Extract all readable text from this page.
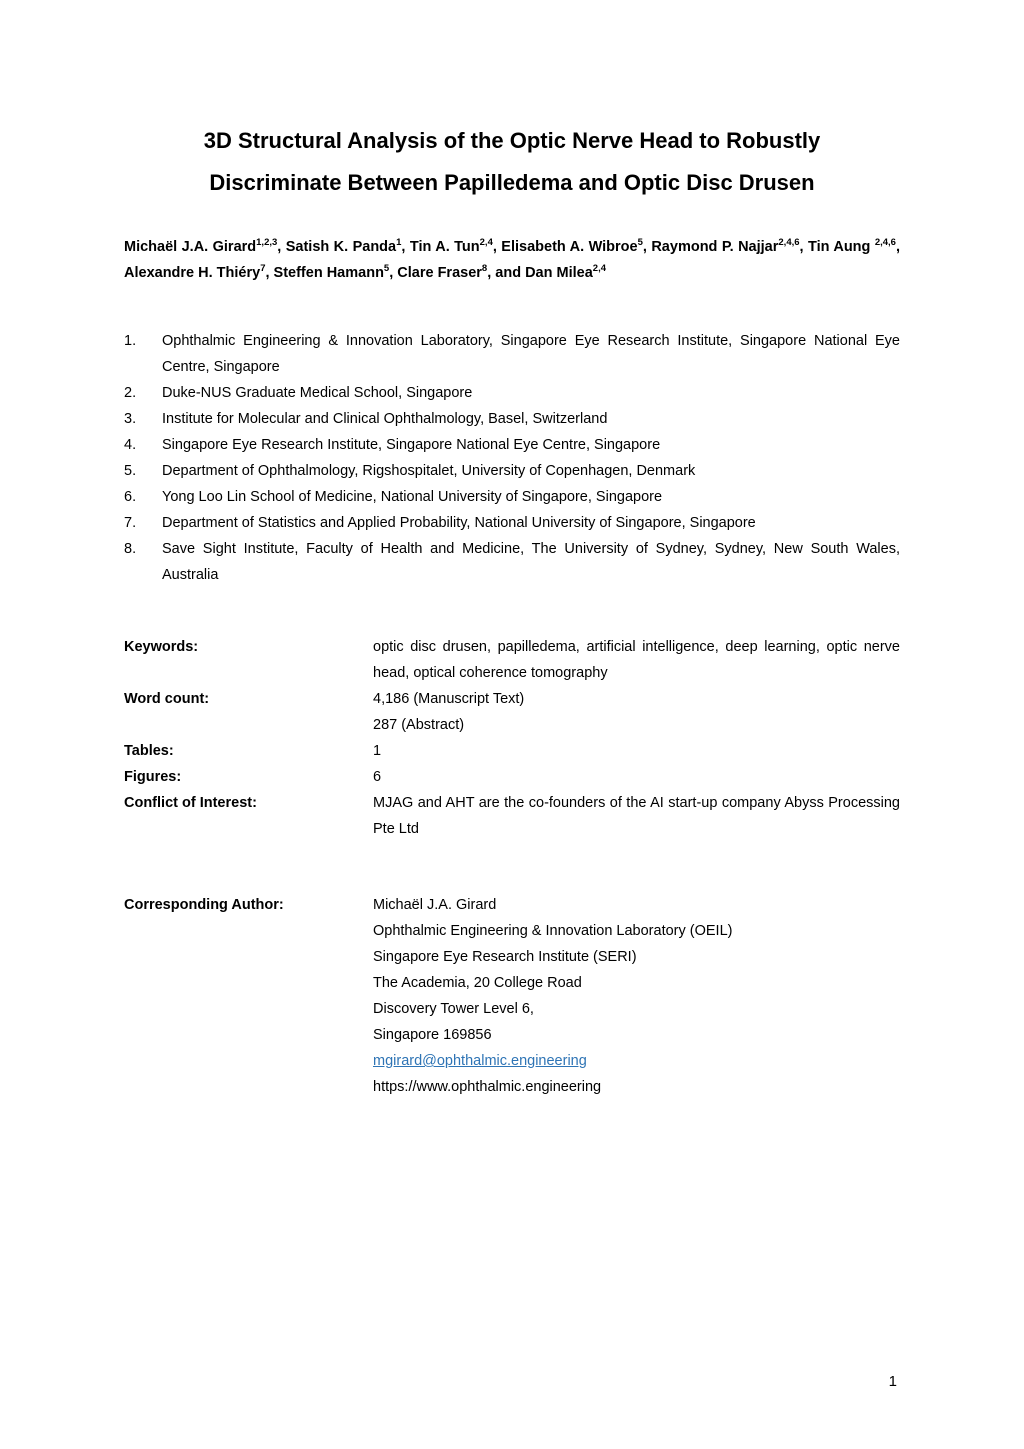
3D Structural Analysis of the Optic Nerve Head to Robustly
Discriminate Between Papilledema and Optic Disc Drusen

Michaël J.A. Girard$^{1,2,3}$, Satish K. Panda$^1$, Tin A. Tun$^{2,4}$, Elisabeth A. Wibroe$^5$, Raymond P. Najjar$^{2,4,6}$, Tin Aung $^{2,4,6}$, Alexandre H. Thiéry$^7$, Steffen Hamann$^5$, Clare Fraser$^8$, and Dan Milea$^{2,4}$

1.	Ophthalmic Engineering & Innovation Laboratory, Singapore Eye Research Institute, Singapore National Eye Centre, Singapore
2.	Duke-NUS Graduate Medical School, Singapore
3.	Institute for Molecular and Clinical Ophthalmology, Basel, Switzerland
4.	Singapore Eye Research Institute, Singapore National Eye Centre, Singapore
5.	Department of Ophthalmology, Rigshospitalet, University of Copenhagen, Denmark
6.	Yong Loo Lin School of Medicine, National University of Singapore, Singapore
7.	Department of Statistics and Applied Probability, National University of Singapore, Singapore
8.	Save Sight Institute, Faculty of Health and Medicine, The University of Sydney, Sydney, New South Wales, Australia
Keywords:	optic disc drusen, papilledema, artificial intelligence, deep learning, optic nerve head, optical coherence tomography
Word count:	4,186 (Manuscript Text)
287 (Abstract)
Tables:	1
Figures:	6
Conflict of Interest:	MJAG and AHT are the co-founders of the AI start-up company Abyss Processing Pte Ltd
Corresponding Author:	Michaël J.A. Girard
Ophthalmic Engineering & Innovation Laboratory (OEIL)
Singapore Eye Research Institute (SERI)
The Academia, 20 College Road
Discovery Tower Level 6,
Singapore 169856
mgirard@ophthalmic.engineering
https://www.ophthalmic.engineering
1
